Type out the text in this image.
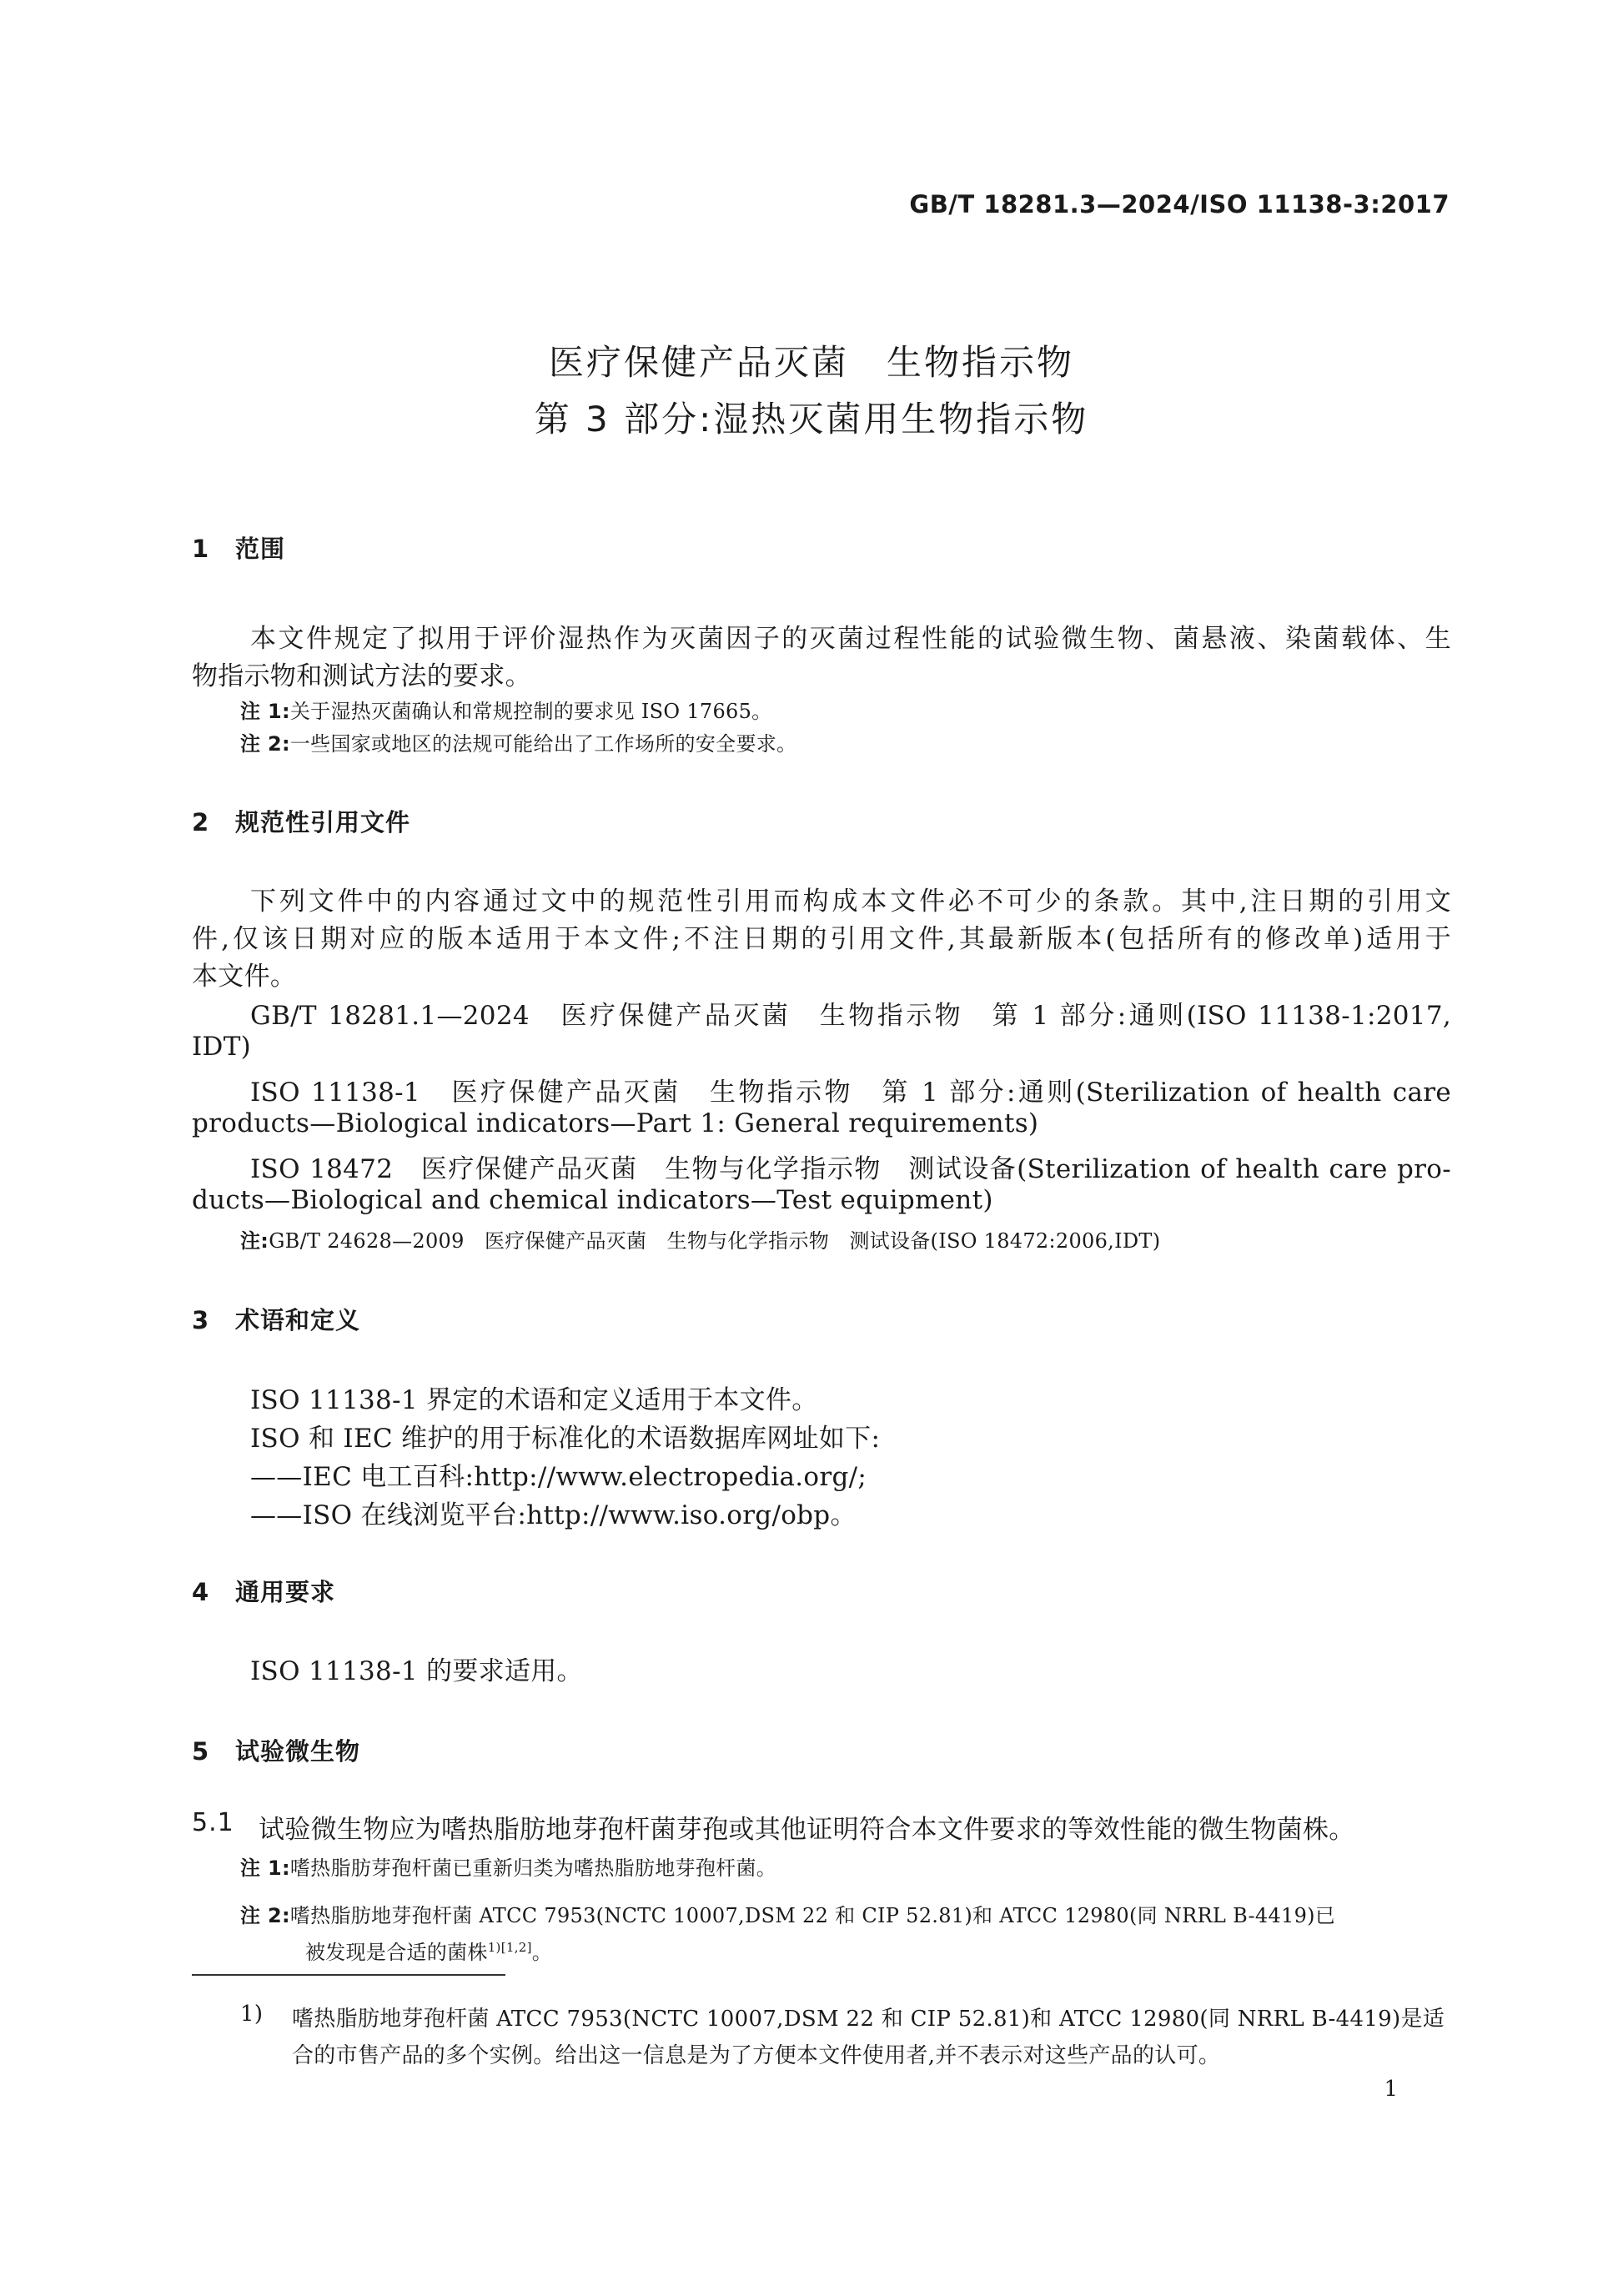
GB/T 18281.3—2024/ISO 11138-3:2017
医疗保健产品灭菌　生物指示物
第 3 部分:湿热灭菌用生物指示物
1 范围
本文件规定了拟用于评价湿热作为灭菌因子的灭菌过程性能的试验微生物、菌悬液、染菌载体、生
物指示物和测试方法的要求。
注 1:关于湿热灭菌确认和常规控制的要求见 ISO 17665。
注 2:一些国家或地区的法规可能给出了工作场所的安全要求。
2 规范性引用文件
下列文件中的内容通过文中的规范性引用而构成本文件必不可少的条款。其中,注日期的引用文
件,仅该日期对应的版本适用于本文件;不注日期的引用文件,其最新版本(包括所有的修改单)适用于
本文件。
GB/T 18281.1—2024　医疗保健产品灭菌　生物指示物　第 1 部分:通则(ISO 11138-1:2017,
IDT)
ISO 11138-1　医疗保健产品灭菌　生物指示物　第 1 部分:通则(Sterilization of health care
products—Biological indicators—Part 1: General requirements)
ISO 18472　医疗保健产品灭菌　生物与化学指示物　测试设备(Sterilization of health care pro-
ducts—Biological and chemical indicators—Test equipment)
注:GB/T 24628—2009　医疗保健产品灭菌　生物与化学指示物　测试设备(ISO 18472:2006,IDT)
3 术语和定义
ISO 11138-1 界定的术语和定义适用于本文件。
ISO 和 IEC 维护的用于标准化的术语数据库网址如下:
——IEC 电工百科:http://www.electropedia.org/;
——ISO 在线浏览平台:http://www.iso.org/obp。
4 通用要求
ISO 11138-1 的要求适用。
5 试验微生物
5.1 试验微生物应为嗜热脂肪地芽孢杆菌芽孢或其他证明符合本文件要求的等效性能的微生物菌株。
注 1:嗜热脂肪芽孢杆菌已重新归类为嗜热脂肪地芽孢杆菌。
注 2:嗜热脂肪地芽孢杆菌 ATCC 7953(NCTC 10007,DSM 22 和 CIP 52.81)和 ATCC 12980(同 NRRL B-4419)已
被发现是合适的菌株$^{1)[1,2]}$。
1) 嗜热脂肪地芽孢杆菌 ATCC 7953(NCTC 10007,DSM 22 和 CIP 52.81)和 ATCC 12980(同 NRRL B-4419)是适
合的市售产品的多个实例。给出这一信息是为了方便本文件使用者,并不表示对这些产品的认可。
1
